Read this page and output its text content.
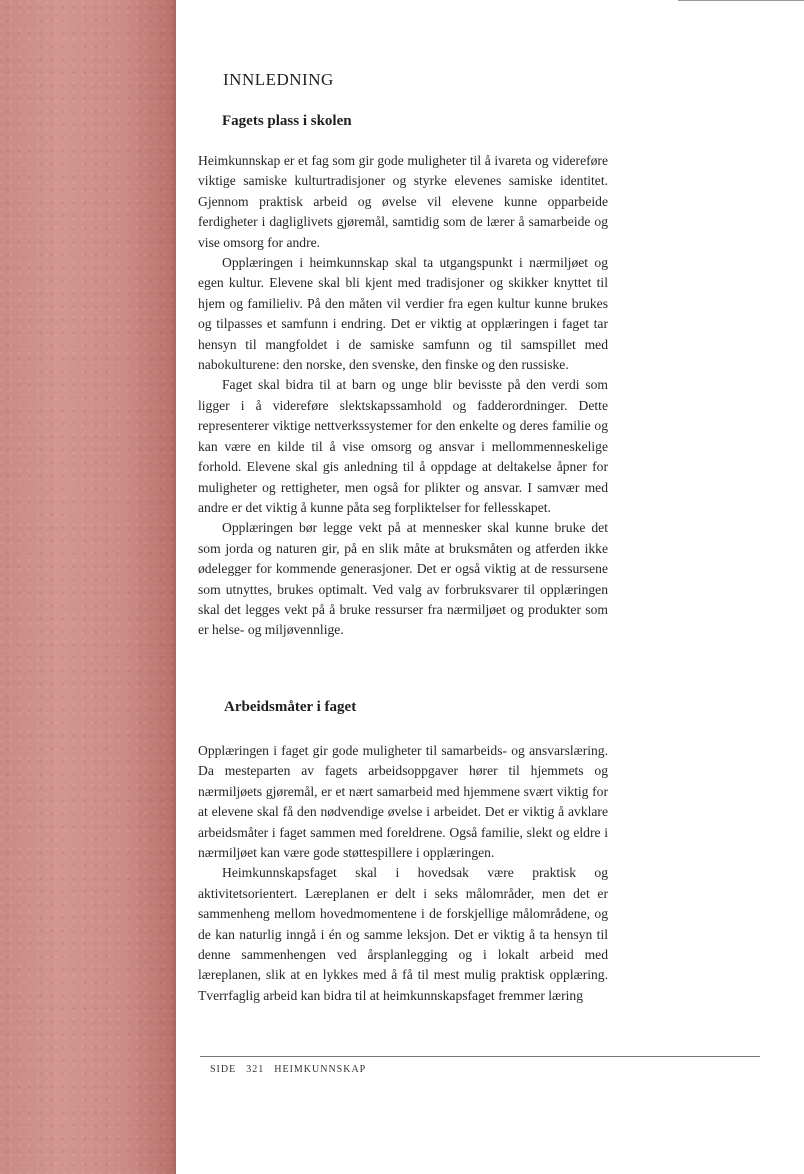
INNLEDNING
Fagets plass i skolen

Heimkunnskap er et fag som gir gode muligheter til å ivareta og videreføre viktige samiske kulturtradisjoner og styrke elevenes samiske identitet. Gjennom praktisk arbeid og øvelse vil elevene kunne opparbeide ferdigheter i dagliglivets gjøremål, samtidig som de lærer å samarbeide og vise omsorg for andre.

Opplæringen i heimkunnskap skal ta utgangspunkt i nærmiljøet og egen kultur. Elevene skal bli kjent med tradisjoner og skikker knyttet til hjem og familieliv. På den måten vil verdier fra egen kultur kunne brukes og tilpasses et samfunn i endring. Det er viktig at opplæringen i faget tar hensyn til mangfoldet i de samiske samfunn og til samspillet med nabokulturene: den norske, den svenske, den finske og den russiske.

Faget skal bidra til at barn og unge blir bevisste på den verdi som ligger i å videreføre slektskapssamhold og fadderordninger. Dette representerer viktige nettverkssystemer for den enkelte og deres familie og kan være en kilde til å vise omsorg og ansvar i mellommenneskelige forhold. Elevene skal gis anledning til å oppdage at deltakelse åpner for muligheter og rettigheter, men også for plikter og ansvar. I samvær med andre er det viktig å kunne påta seg forpliktelser for fellesskapet.

Opplæringen bør legge vekt på at mennesker skal kunne bruke det som jorda og naturen gir, på en slik måte at bruksmåten og atferden ikke ødelegger for kommende generasjoner. Det er også viktig at de ressursene som utnyttes, brukes optimalt. Ved valg av forbruksvarer til opplæringen skal det legges vekt på å bruke ressurser fra nærmiljøet og produkter som er helse- og miljøvennlige.

Arbeidsmåter i faget

Opplæringen i faget gir gode muligheter til samarbeids- og ansvarslæring. Da mesteparten av fagets arbeidsoppgaver hører til hjemmets og nærmiljøets gjøremål, er et nært samarbeid med hjemmene svært viktig for at elevene skal få den nødvendige øvelse i arbeidet. Det er viktig å avklare arbeidsmåter i faget sammen med foreldrene. Også familie, slekt og eldre i nærmiljøet kan være gode støttespillere i opplæringen.

Heimkunnskapsfaget skal i hovedsak være praktisk og aktivitetsorientert. Læreplanen er delt i seks målområder, men det er sammenheng mellom hovedmomentene i de forskjellige målområdene, og de kan naturlig inngå i én og samme leksjon. Det er viktig å ta hensyn til denne sammenhengen ved årsplanlegging og i lokalt arbeid med læreplanen, slik at en lykkes med å få til mest mulig praktisk opplæring. Tverrfaglig arbeid kan bidra til at heimkunnskapsfaget fremmer læring

SIDE 321 HEIMKUNNSKAP
